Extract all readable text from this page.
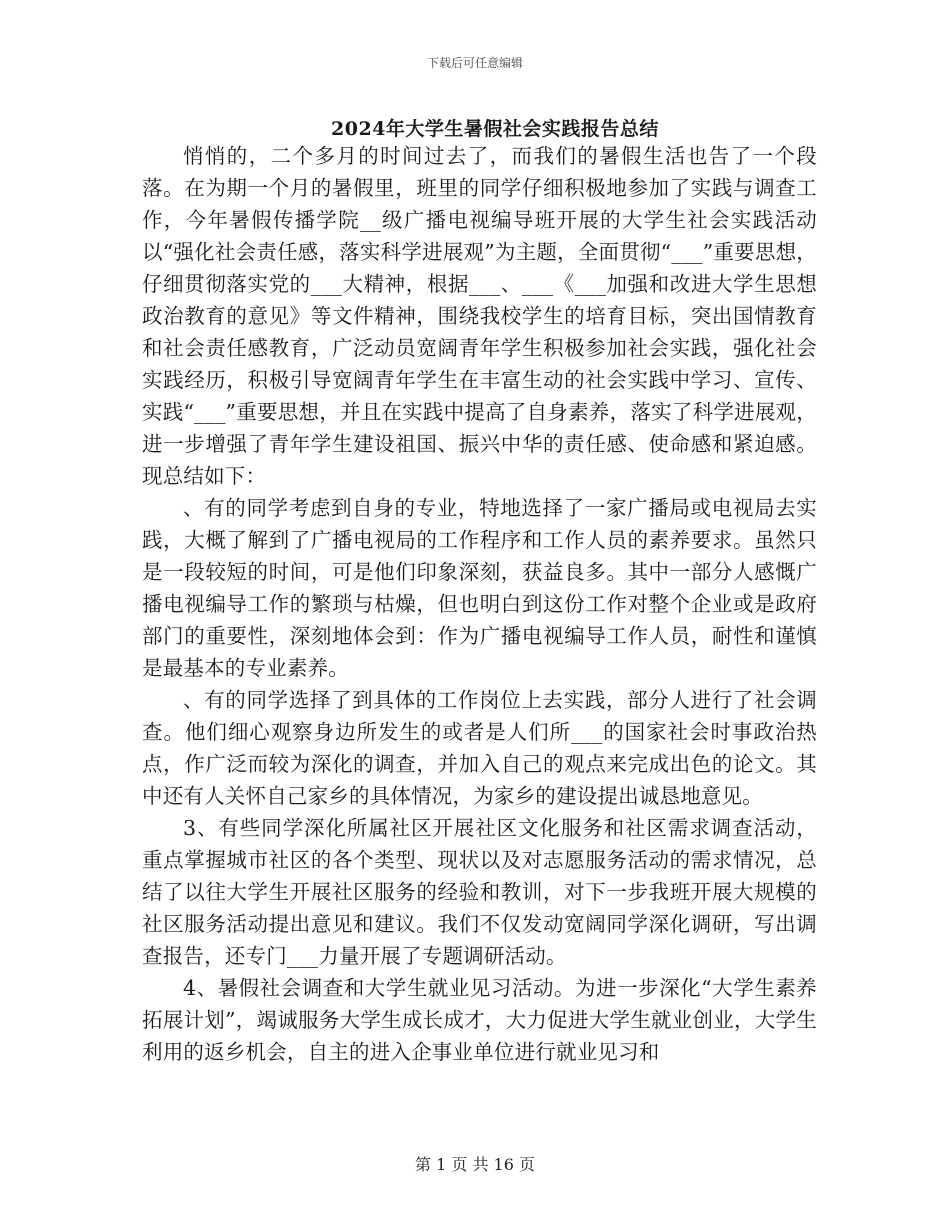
下载后可任意编辑
2024年大学生暑假社会实践报告总结

悄悄的，二个多月的时间过去了，而我们的暑假生活也告了一个段落。在为期一个月的暑假里，班里的同学仔细积极地参加了实践与调查工作，今年暑假传播学院__级广播电视编导班开展的大学生社会实践活动以“强化社会责任感，落实科学进展观”为主题，全面贯彻“___”重要思想，仔细贯彻落实党的___大精神，根据___、___《___加强和改进大学生思想政治教育的意见》等文件精神，围绕我校学生的培育目标，突出国情教育和社会责任感教育，广泛动员宽阔青年学生积极参加社会实践，强化社会实践经历，积极引导宽阔青年学生在丰富生动的社会实践中学习、宣传、实践“___”重要思想，并且在实践中提高了自身素养，落实了科学进展观，进一步增强了青年学生建设祖国、振兴中华的责任感、使命感和紧迫感。现总结如下：

、有的同学考虑到自身的专业，特地选择了一家广播局或电视局去实践，大概了解到了广播电视局的工作程序和工作人员的素养要求。虽然只是一段较短的时间，可是他们印象深刻，获益良多。其中一部分人感慨广播电视编导工作的繁琐与枯燥，但也明白到这份工作对整个企业或是政府部门的重要性，深刻地体会到：作为广播电视编导工作人员，耐性和谨慎是最基本的专业素养。

、有的同学选择了到具体的工作岗位上去实践，部分人进行了社会调查。他们细心观察身边所发生的或者是人们所___的国家社会时事政治热点，作广泛而较为深化的调查，并加入自己的观点来完成出色的论文。其中还有人关怀自己家乡的具体情况，为家乡的建设提出诚恳地意见。

3、有些同学深化所属社区开展社区文化服务和社区需求调查活动，重点掌握城市社区的各个类型、现状以及对志愿服务活动的需求情况，总结了以往大学生开展社区服务的经验和教训，对下一步我班开展大规模的社区服务活动提出意见和建议。我们不仅发动宽阔同学深化调研，写出调查报告，还专门___力量开展了专题调研活动。

4、暑假社会调查和大学生就业见习活动。为进一步深化“大学生素养拓展计划”，竭诚服务大学生成长成才，大力促进大学生就业创业，大学生利用的返乡机会，自主的进入企事业单位进行就业见习和

第 1 页 共 16 页
